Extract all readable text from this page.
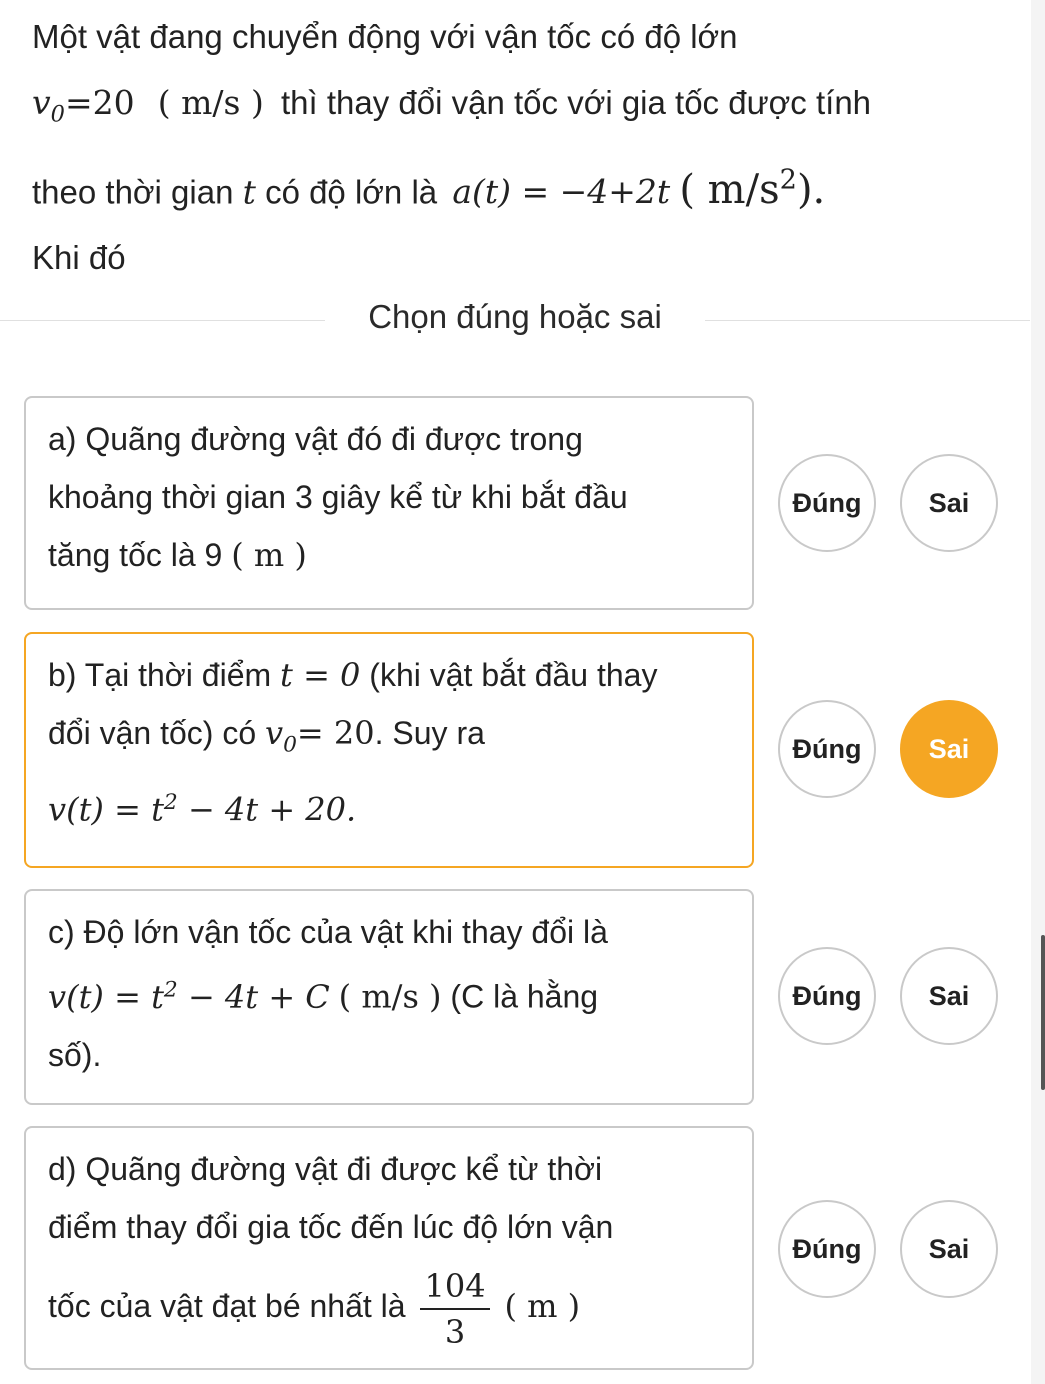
Một vật đang chuyển động với vận tốc có độ lớn
$v_0=20$ ( m/s ) thì thay đổi vận tốc với gia tốc được tính
theo thời gian t có độ lớn là a(t) = −4+2t ( $m/s^2$).
Khi đó
Chọn đúng hoặc sai
a) Quãng đường vật đó đi được trong
khoảng thời gian 3 giây kể từ khi bắt đầu
tăng tốc là 9 ( m )
Đúng	Sai
b) Tại thời điểm t = 0 (khi vật bắt đầu thay
đổi vận tốc) có $v_0= 20$. Suy ra
$v(t) = t^2 - 4t + 20$.
Đúng	Sai
c) Độ lớn vận tốc của vật khi thay đổi là
$v(t) = t^2 - 4t + C$ ( m/s ) (C là hằng
số).
Đúng	Sai
d) Quãng đường vật đi được kể từ thời
điểm thay đổi gia tốc đến lúc độ lớn vận
tốc của vật đạt bé nhất là $\frac{104}{3}$ ( m )
Đúng	Sai
